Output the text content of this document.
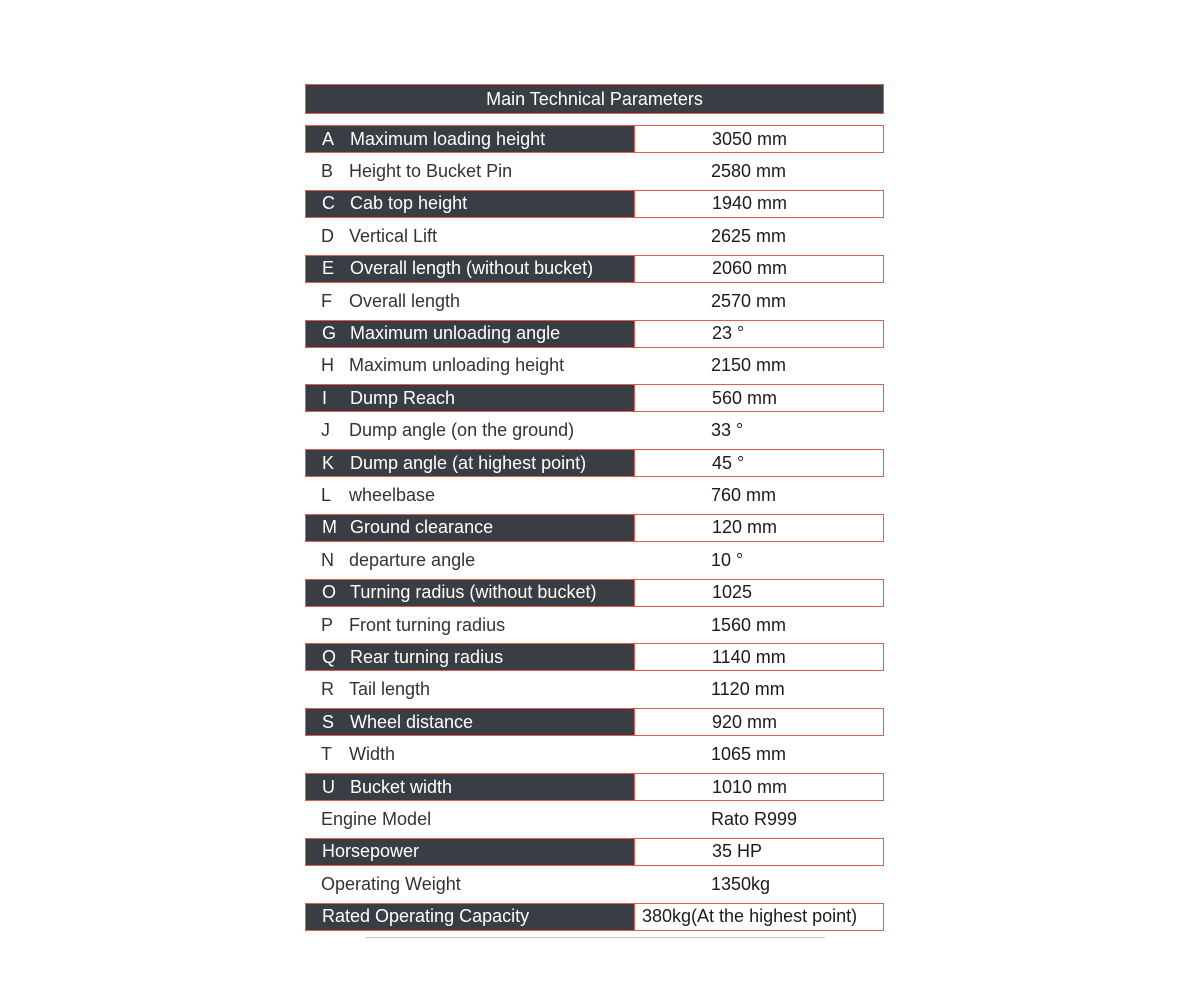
Main Technical Parameters
A Maximum loading height	3050 mm
B Height to Bucket Pin	2580 mm
C Cab top height	1940 mm
D Vertical Lift	2625 mm
E Overall length (without bucket)	2060 mm
F Overall length	2570 mm
G Maximum unloading angle	23 °
H Maximum unloading height	2150 mm
I	Dump Reach	560 mm
J	Dump angle (on the ground)	33 °
K Dump angle (at highest point)	45 °
L wheelbase	760 mm
M Ground clearance	120 mm
N departure angle	10 °
O Turning radius (without bucket)	1025
P Front turning radius	1560 mm
Q Rear turning radius	1140 mm
R Tail length	1120 mm
S Wheel distance	920 mm
T Width	1065 mm
U Bucket width	1010 mm
Engine Model	Rato R999
Horsepower	35 HP
Operating Weight	1350kg
Rated Operating Capacity	380kg(At the highest point)
